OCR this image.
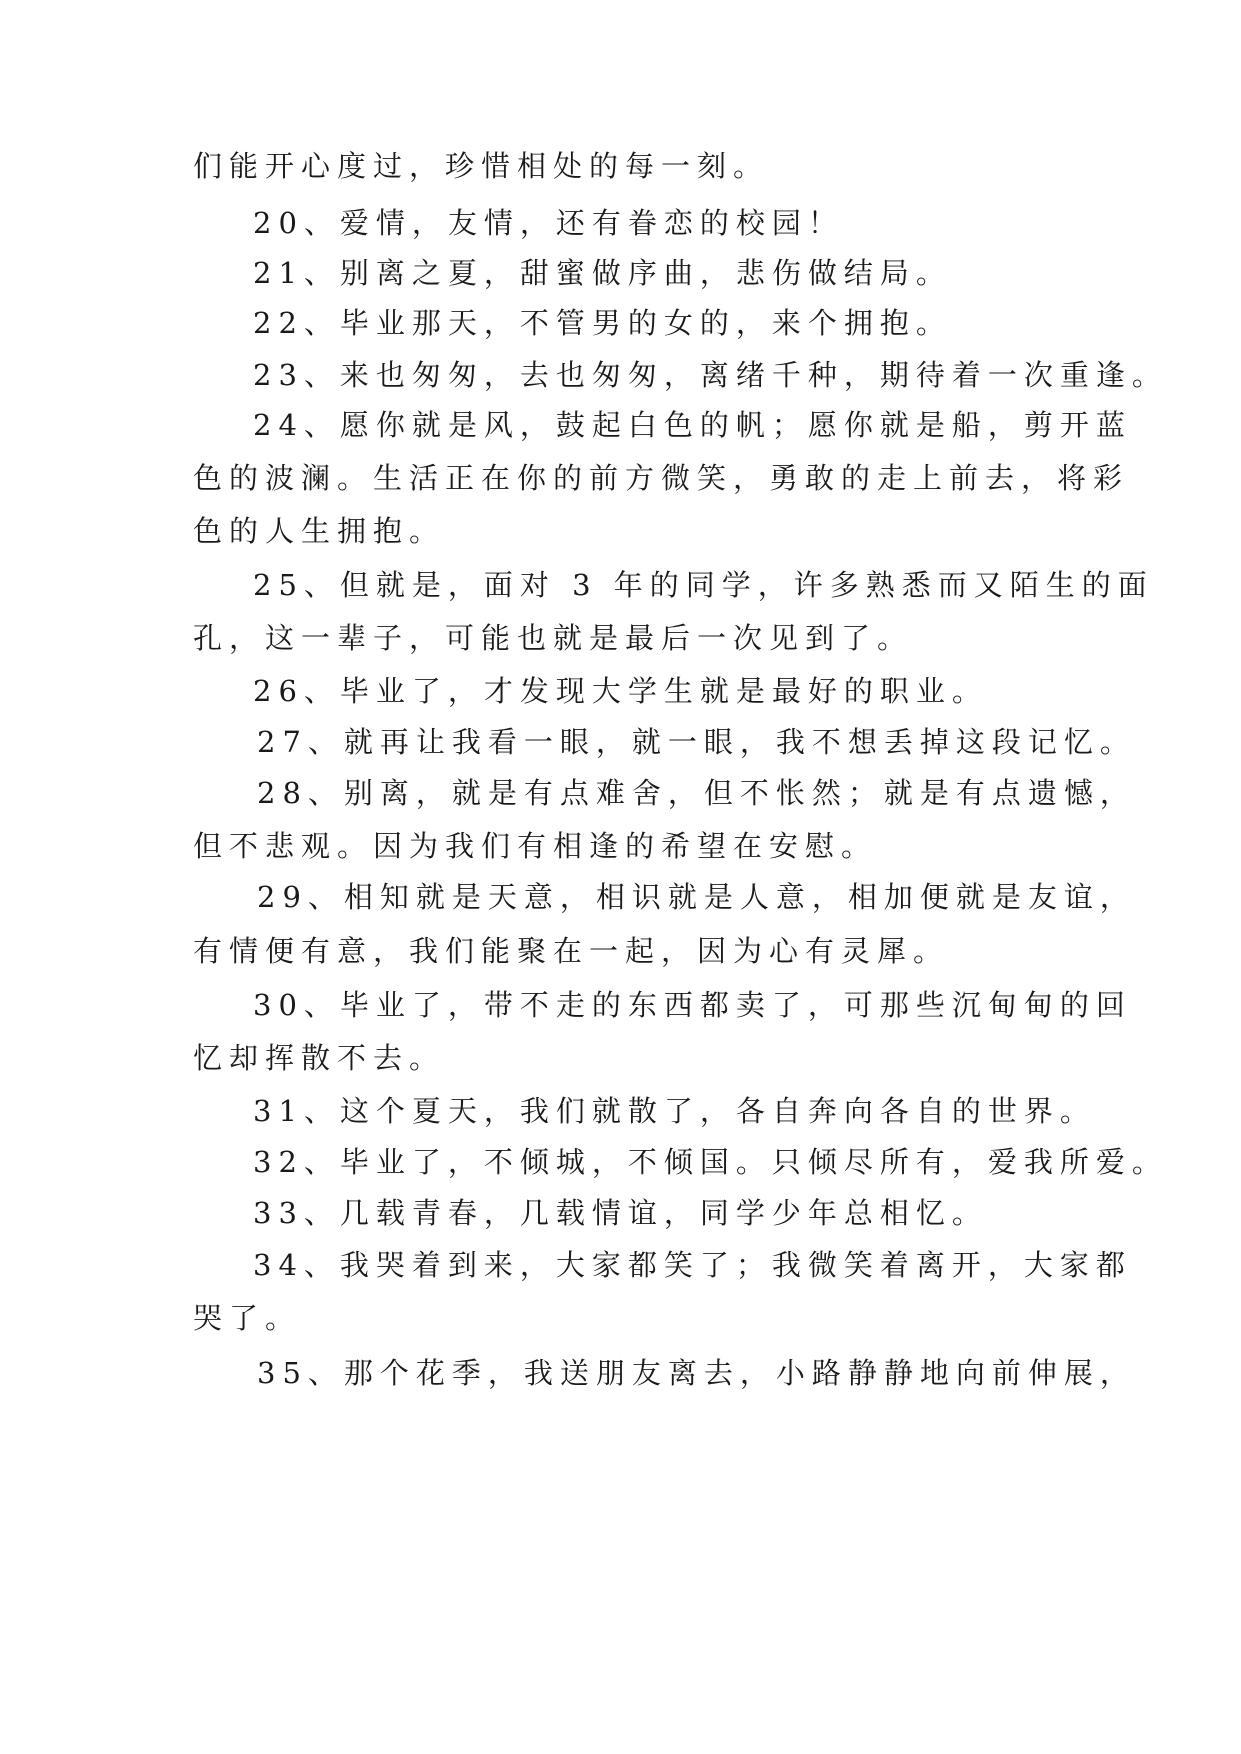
们能开心度过，珍惜相处的每一刻。
20、爱情，友情，还有眷恋的校园！
21、别离之夏，甜蜜做序曲，悲伤做结局。
22、毕业那天，不管男的女的，来个拥抱。
23、来也匆匆，去也匆匆，离绪千种，期待着一次重逢。
24、愿你就是风，鼓起白色的帆；愿你就是船，剪开蓝
色的波澜。生活正在你的前方微笑，勇敢的走上前去，将彩
色的人生拥抱。
25、但就是，面对 3 年的同学，许多熟悉而又陌生的面
孔，这一辈子，可能也就是最后一次见到了。
26、毕业了，才发现大学生就是最好的职业。
27、就再让我看一眼，就一眼，我不想丢掉这段记忆。
28、别离，就是有点难舍，但不怅然；就是有点遗憾，
但不悲观。因为我们有相逢的希望在安慰。
29、相知就是天意，相识就是人意，相加便就是友谊，
有情便有意，我们能聚在一起，因为心有灵犀。
30、毕业了，带不走的东西都卖了，可那些沉甸甸的回
忆却挥散不去。
31、这个夏天，我们就散了，各自奔向各自的世界。
32、毕业了，不倾城，不倾国。只倾尽所有，爱我所爱。
33、几载青春，几载情谊，同学少年总相忆。
34、我哭着到来，大家都笑了；我微笑着离开，大家都
哭了。
35、那个花季，我送朋友离去，小路静静地向前伸展，
